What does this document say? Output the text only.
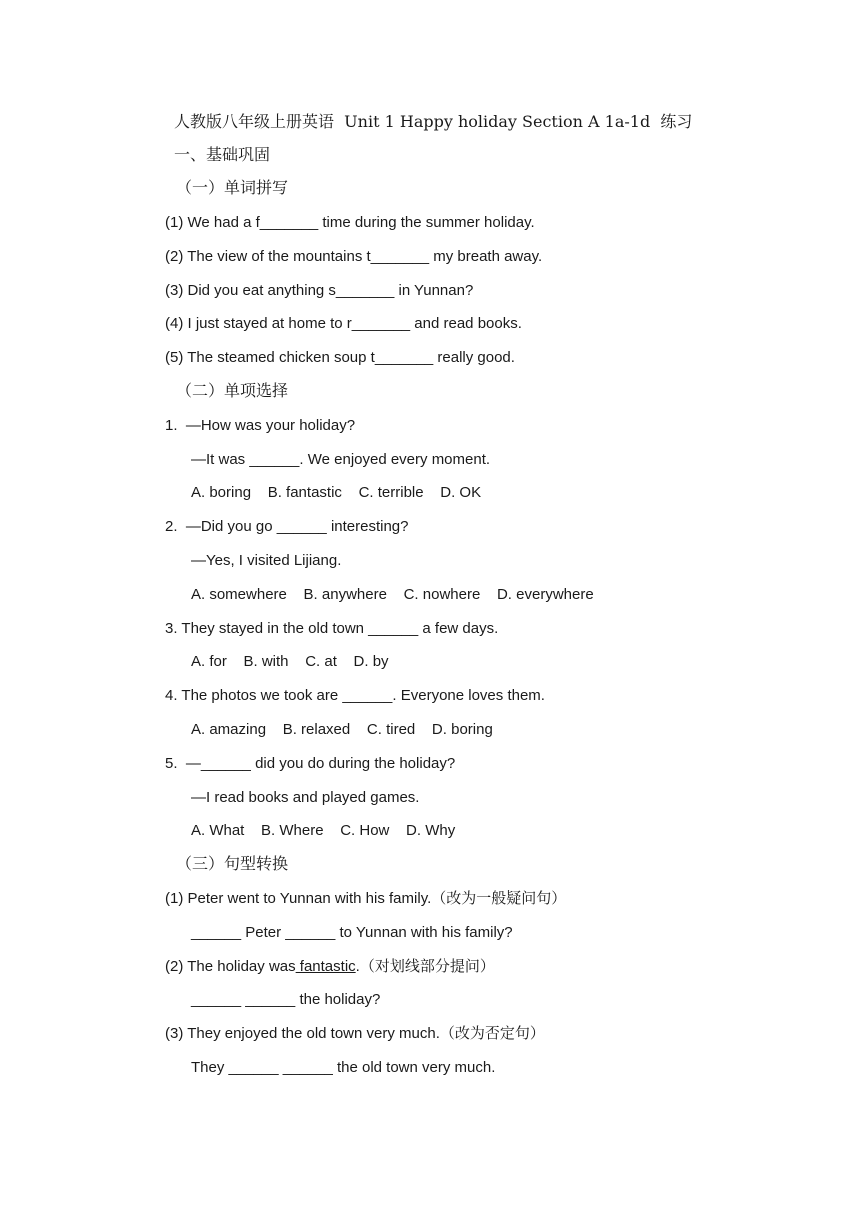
人教版八年级上册英语  Unit 1 Happy holiday Section A 1a-1d  练习
一、基础巩固
（一）单词拼写
(1) We had a f_______ time during the summer holiday.
(2) The view of the mountains t_______ my breath away.
(3) Did you eat anything s_______ in Yunnan?
(4) I just stayed at home to r_______ and read books.
(5) The steamed chicken soup t_______ really good.
（二）单项选择
1.  —How was your holiday?
—It was ______. We enjoyed every moment.
A. boring    B. fantastic    C. terrible    D. OK
2.  —Did you go ______ interesting?
—Yes, I visited Lijiang.
A. somewhere    B. anywhere    C. nowhere    D. everywhere
3. They stayed in the old town ______ a few days.
A. for    B. with    C. at    D. by
4. The photos we took are ______. Everyone loves them.
A. amazing    B. relaxed    C. tired    D. boring
5.  —______ did you do during the holiday?
—I read books and played games.
A. What    B. Where    C. How    D. Why
（三）句型转换
(1) Peter went to Yunnan with his family.（改为一般疑问句）
______ Peter ______ to Yunnan with his family?
(2) The holiday was fantastic.（对划线部分提问）
______ ______ the holiday?
(3) They enjoyed the old town very much.（改为否定句）
They ______ ______ the old town very much.
